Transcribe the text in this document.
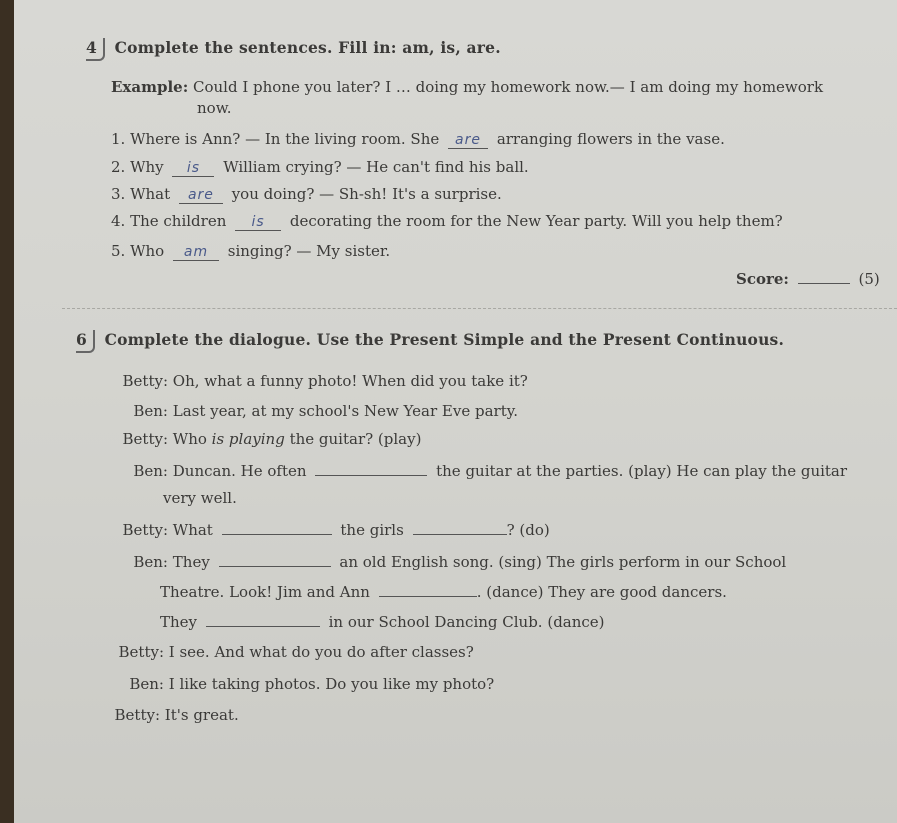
4 Complete the sentences. Fill in: am, is, are.
Example: Could I phone you later? I … doing my homework now.— I am doing my homework
now.
1. Where is Ann? — In the living room. She are arranging flowers in the vase.
2. Why is William crying? — He can't find his ball.
3. What are you doing? — Sh-sh! It's a surprise.
4. The children is decorating the room for the New Year party. Will you help them?
5. Who am singing? — My sister.
Score:	(5)
6 Complete the dialogue. Use the Present Simple and the Present Continuous.
Betty: Oh, what a funny photo! When did you take it?
Ben: Last year, at my school's New Year Eve party.
Betty: Who is playing the guitar? (play)
Ben: Duncan. He often	the guitar at the parties. (play) He can play the guitar
very well.
Betty: What	the girls	? (do)
Ben: They	an old English song. (sing) The girls perform in our School
Theatre. Look! Jim and Ann	. (dance) They are good dancers.
They	in our School Dancing Club. (dance)
Betty: I see. And what do you do after classes?
Ben: I like taking photos. Do you like my photo?
Betty: It's great.
